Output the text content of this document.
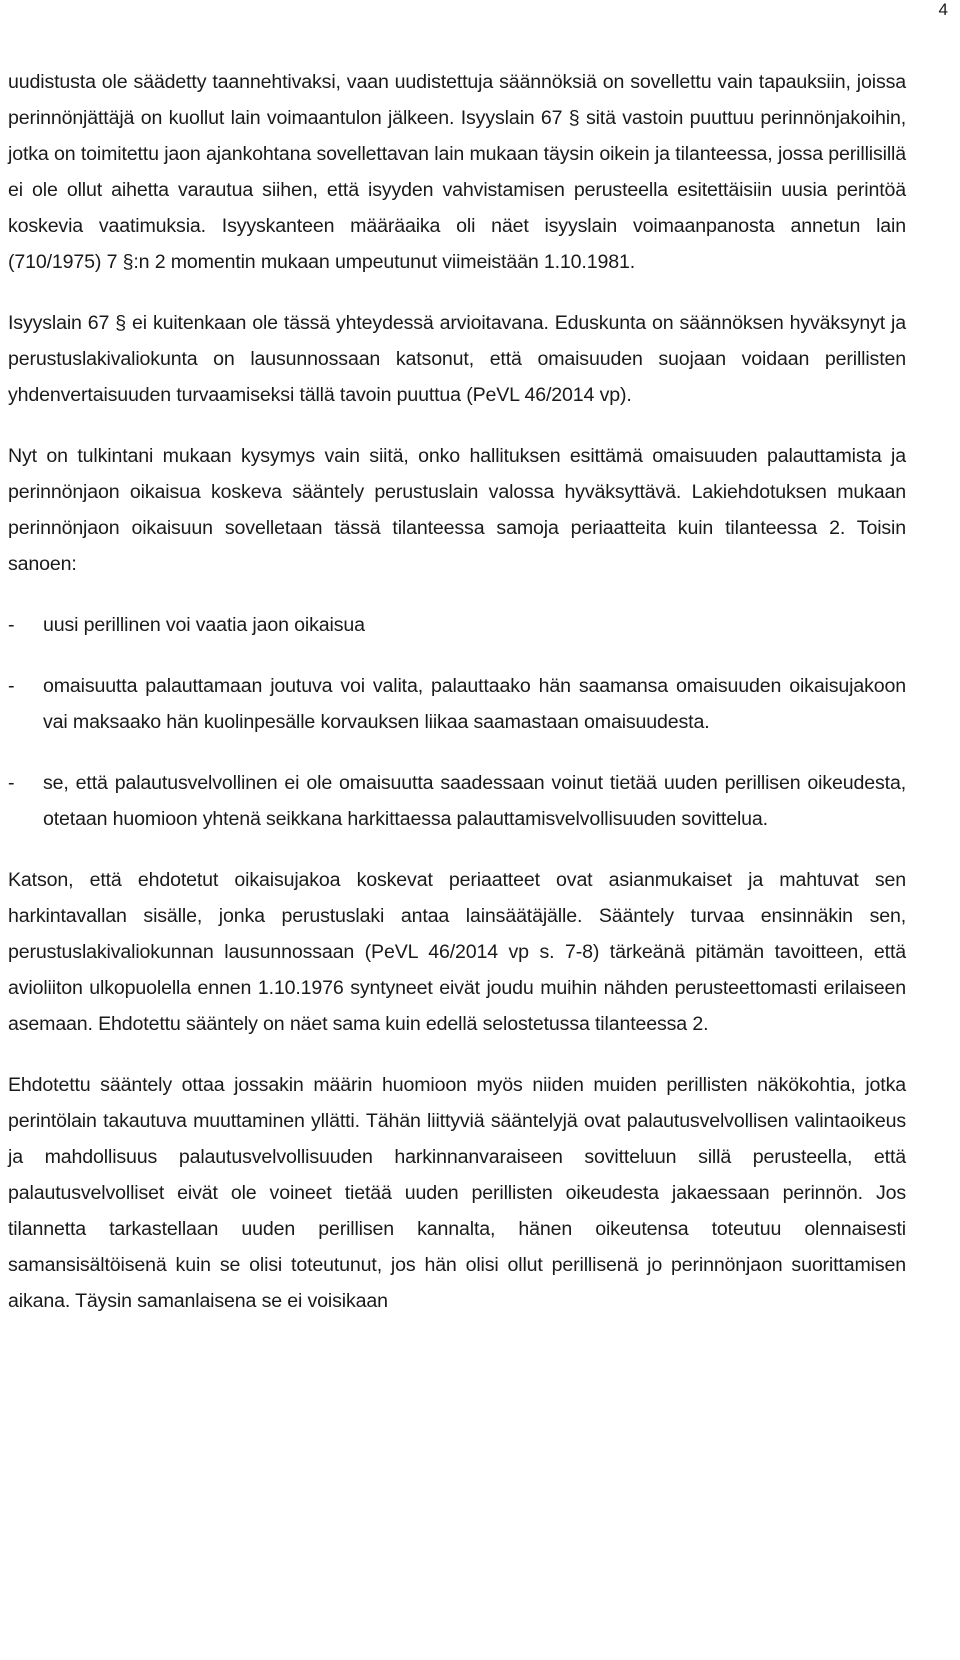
4

uudistusta ole säädetty taannehtivaksi, vaan uudistettuja säännöksiä on sovellettu vain tapauksiin, joissa perinnönjättäjä on kuollut lain voimaantulon jälkeen. Isyyslain 67 § sitä vastoin puuttuu perinnönjakoihin, jotka on toimitettu jaon ajankohtana sovellettavan lain mukaan täysin oikein ja tilanteessa, jossa perillisillä ei ole ollut aihetta varautua siihen, että isyyden vahvistamisen perusteella esitettäisiin uusia perintöä koskevia vaatimuksia. Isyyskanteen määräaika oli näet isyyslain voimaanpanosta annetun lain (710/1975) 7 §:n 2 momentin mukaan umpeutunut viimeistään 1.10.1981.

Isyyslain 67 § ei kuitenkaan ole tässä yhteydessä arvioitavana. Eduskunta on säännöksen hyväksynyt ja perustuslakivaliokunta on lausunnossaan katsonut, että omaisuuden suojaan voidaan perillisten yhdenvertaisuuden turvaamiseksi tällä tavoin puuttua (PeVL 46/2014 vp).

Nyt on tulkintani mukaan kysymys vain siitä, onko hallituksen esittämä omaisuuden palauttamista ja perinnönjaon oikaisua koskeva sääntely perustuslain valossa hyväksyttävä. Lakiehdotuksen mukaan perinnönjaon oikaisuun sovelletaan tässä tilanteessa samoja periaatteita kuin tilanteessa 2. Toisin sanoen:

-	uusi perillinen voi vaatia jaon oikaisua
-	omaisuutta palauttamaan joutuva voi valita, palauttaako hän saamansa omaisuuden oikaisujakoon vai maksaako hän kuolinpesälle korvauksen liikaa saamastaan omaisuudesta.
-	se, että palautusvelvollinen ei ole omaisuutta saadessaan voinut tietää uuden perillisen oikeudesta, otetaan huomioon yhtenä seikkana harkittaessa palauttamisvelvollisuuden sovittelua.

Katson, että ehdotetut oikaisujakoa koskevat periaatteet ovat asianmukaiset ja mahtuvat sen harkintavallan sisälle, jonka perustuslaki antaa lainsäätäjälle. Sääntely turvaa ensinnäkin sen, perustuslakivaliokunnan lausunnossaan (PeVL 46/2014 vp s. 7-8) tärkeänä pitämän tavoitteen, että avioliiton ulkopuolella ennen 1.10.1976 syntyneet eivät joudu muihin nähden perusteettomasti erilaiseen asemaan. Ehdotettu sääntely on näet sama kuin edellä selostetussa tilanteessa 2.

Ehdotettu sääntely ottaa jossakin määrin huomioon myös niiden muiden perillisten näkökohtia, jotka perintölain takautuva muuttaminen yllätti. Tähän liittyviä sääntelyjä ovat palautusvelvollisen valintaoikeus ja mahdollisuus palautusvelvollisuuden harkinnanvaraiseen sovitteluun sillä perusteella, että palautusvelvolliset eivät ole voineet tietää uuden perillisten oikeudesta jakaessaan perinnön. Jos tilannetta tarkastellaan uuden perillisen kannalta, hänen oikeutensa toteutuu olennaisesti samansisältöisenä kuin se olisi toteutunut, jos hän olisi ollut perillisenä jo perinnönjaon suorittamisen aikana. Täysin samanlaisena se ei voisikaan
